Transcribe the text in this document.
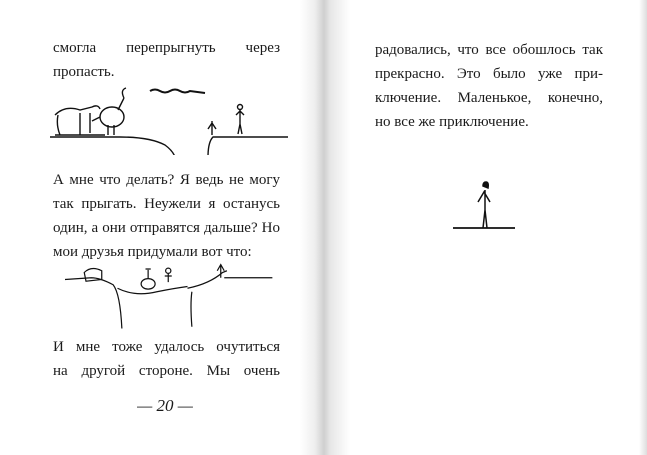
смогла перепрыгнуть через
пропасть.
А мне что делать? Я ведь не могу
так прыгать. Неужели я останусь
один, а они отправятся дальше? Но
мои друзья придумали вот что:
И мне тоже удалось очутиться
на другой стороне. Мы очень
— 20 —
радовались, что все обошлось так
прекрасно. Это было уже при-
ключение. Маленькое, конечно,
но все же приключение.
